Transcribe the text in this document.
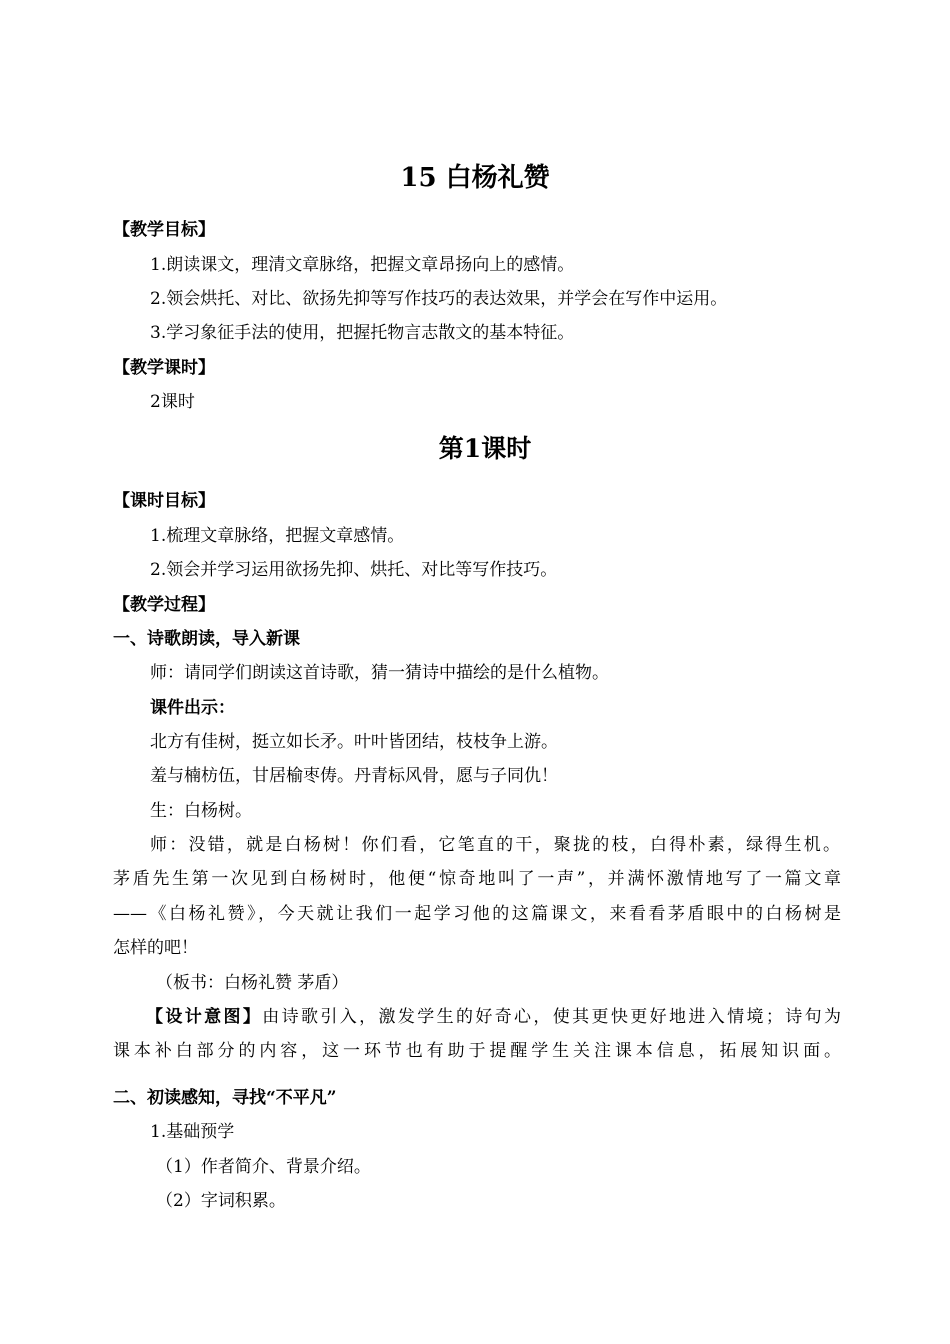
15 白杨礼赞
【教学目标】
1.朗读课文，理清文章脉络，把握文章昂扬向上的感情。
2.领会烘托、对比、欲扬先抑等写作技巧的表达效果，并学会在写作中运用。
3.学习象征手法的使用，把握托物言志散文的基本特征。
【教学课时】
2课时
第1课时
【课时目标】
1.梳理文章脉络，把握文章感情。
2.领会并学习运用欲扬先抑、烘托、对比等写作技巧。
【教学过程】
一、诗歌朗读，导入新课
师：请同学们朗读这首诗歌，猜一猜诗中描绘的是什么植物。
课件出示：
北方有佳树，挺立如长矛。叶叶皆团结，枝枝争上游。
羞与楠枋伍，甘居榆枣俦。丹青标风骨，愿与子同仇！
生：白杨树。
师：没错，就是白杨树！你们看，它笔直的干，聚拢的枝，白得朴素，绿得生机。
茅盾先生第一次见到白杨树时，他便“惊奇地叫了一声”，并满怀激情地写了一篇文章
——《白杨礼赞》，今天就让我们一起学习他的这篇课文，来看看茅盾眼中的白杨树是
怎样的吧！
（板书：白杨礼赞 茅盾）
【设计意图】由诗歌引入，激发学生的好奇心，使其更快更好地进入情境；诗句为
课本补白部分的内容，这一环节也有助于提醒学生关注课本信息，拓展知识面。
二、初读感知，寻找“不平凡”
1.基础预学
（1）作者简介、背景介绍。
（2）字词积累。
